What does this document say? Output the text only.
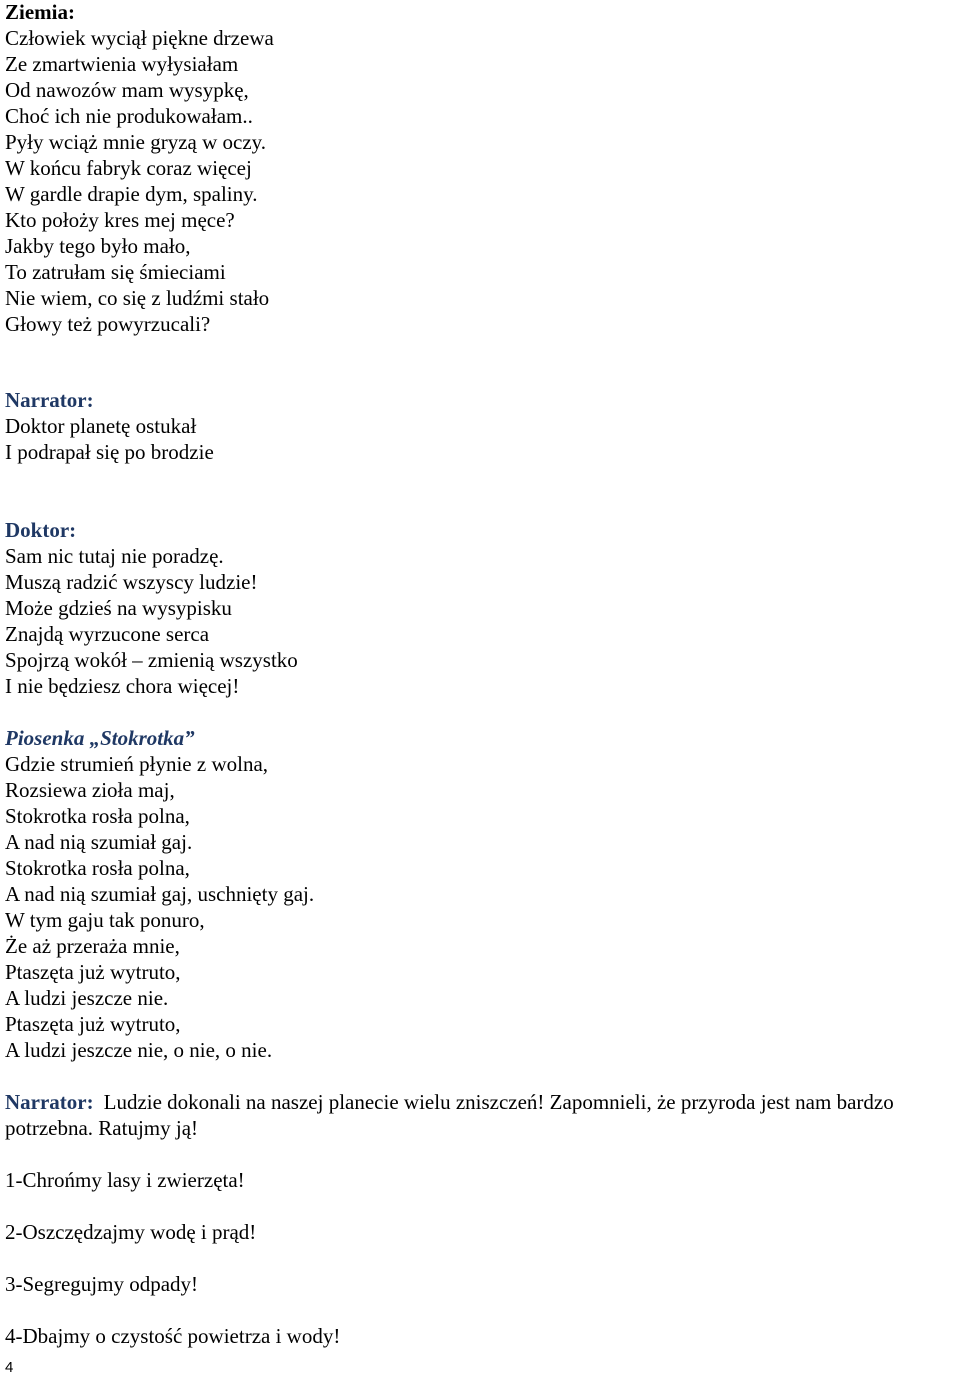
Ziemia:
Człowiek wyciął piękne drzewa
Ze zmartwienia wyłysiałam
Od nawozów mam wysypkę,
Choć ich nie produkowałam..
Pyły wciąż mnie gryzą w oczy.
W końcu fabryk coraz więcej
W gardle drapie dym, spaliny.
Kto położy kres mej męce?
Jakby tego było mało,
To zatrułam się śmieciami
Nie wiem, co się z ludźmi stało
Głowy też powyrzucali?
Narrator:
Doktor planetę ostukał
I podrapał się po brodzie
Doktor:
Sam nic tutaj nie poradzę.
Muszą radzić wszyscy ludzie!
Może gdzieś na wysypisku
Znajdą wyrzucone serca
Spojrzą wokół – zmienią wszystko
I nie będziesz chora więcej!
Piosenka „Stokrotka”
Gdzie strumień płynie z wolna,
Rozsiewa zioła maj,
Stokrotka rosła polna,
A nad nią szumiał gaj.
Stokrotka rosła polna,
A nad nią szumiał gaj, uschnięty gaj.
W tym gaju tak ponuro,
Że aż przeraża mnie,
Ptaszęta już wytruto,
A ludzi jeszcze nie.
Ptaszęta już wytruto,
A ludzi jeszcze nie, o nie, o nie.
Narrator: Ludzie dokonali na naszej planecie wielu zniszczeń! Zapomnieli, że przyroda jest nam bardzo
potrzebna. Ratujmy ją!
1-Chrońmy lasy i zwierzęta!
2-Oszczędzajmy wodę i prąd!
3-Segregujmy odpady!
4-Dbajmy o czystość powietrza i wody!
4
